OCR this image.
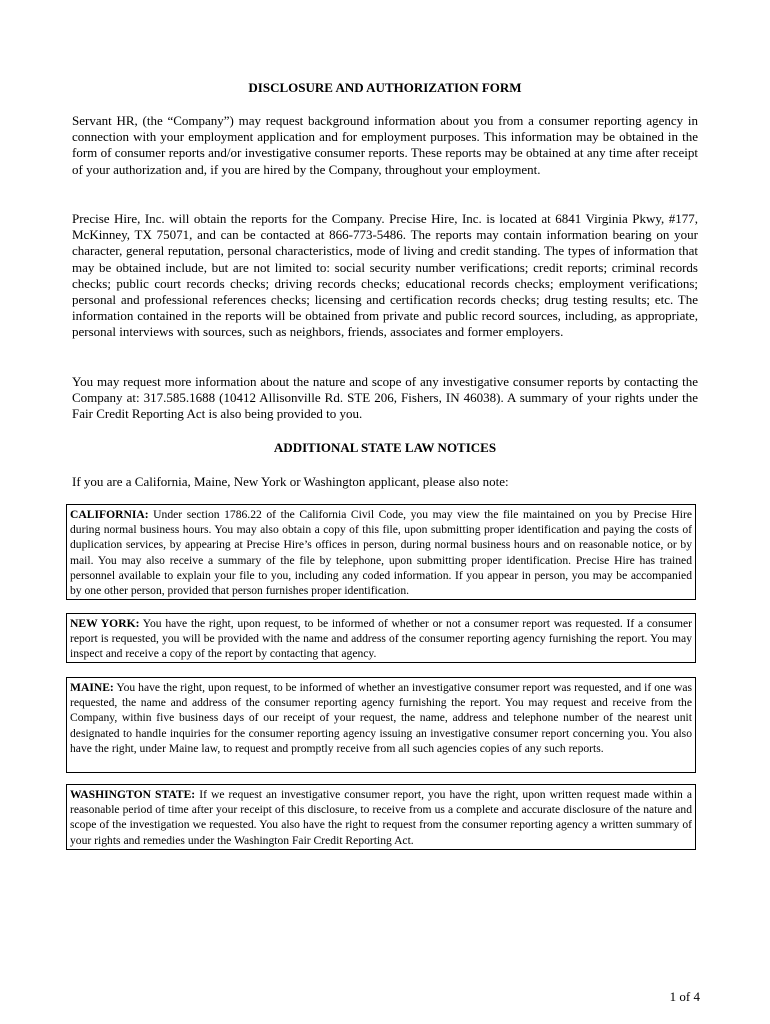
DISCLOSURE AND AUTHORIZATION FORM

Servant HR, (the “Company”) may request background information about you from a consumer reporting agency in connection with your employment application and for employment purposes. This information may be obtained in the form of consumer reports and/or investigative consumer reports. These reports may be obtained at any time after receipt of your authorization and, if you are hired by the Company, throughout your employment.

Precise Hire, Inc. will obtain the reports for the Company. Precise Hire, Inc. is located at 6841 Virginia Pkwy, #177, McKinney, TX 75071, and can be contacted at 866-773-5486. The reports may contain information bearing on your character, general reputation, personal characteristics, mode of living and credit standing. The types of information that may be obtained include, but are not limited to: social security number verifications; credit reports; criminal records checks; public court records checks; driving records checks; educational records checks; employment verifications; personal and professional references checks; licensing and certification records checks; drug testing results; etc. The information contained in the reports will be obtained from private and public record sources, including, as appropriate, personal interviews with sources, such as neighbors, friends, associates and former employers.

You may request more information about the nature and scope of any investigative consumer reports by contacting the Company at: 317.585.1688 (10412 Allisonville Rd. STE 206, Fishers, IN 46038). A summary of your rights under the Fair Credit Reporting Act is also being provided to you.

ADDITIONAL STATE LAW NOTICES

If you are a California, Maine, New York or Washington applicant, please also note:

CALIFORNIA: Under section 1786.22 of the California Civil Code, you may view the file maintained on you by Precise Hire during normal business hours. You may also obtain a copy of this file, upon submitting proper identification and paying the costs of duplication services, by appearing at Precise Hire’s offices in person, during normal business hours and on reasonable notice, or by mail. You may also receive a summary of the file by telephone, upon submitting proper identification. Precise Hire has trained personnel available to explain your file to you, including any coded information. If you appear in person, you may be accompanied by one other person, provided that person furnishes proper identification.
NEW YORK: You have the right, upon request, to be informed of whether or not a consumer report was requested. If a consumer report is requested, you will be provided with the name and address of the consumer reporting agency furnishing the report. You may inspect and receive a copy of the report by contacting that agency.
MAINE: You have the right, upon request, to be informed of whether an investigative consumer report was requested, and if one was requested, the name and address of the consumer reporting agency furnishing the report. You may request and receive from the Company, within five business days of our receipt of your request, the name, address and telephone number of the nearest unit designated to handle inquiries for the consumer reporting agency issuing an investigative consumer report concerning you. You also have the right, under Maine law, to request and promptly receive from all such agencies copies of any such reports.
WASHINGTON STATE: If we request an investigative consumer report, you have the right, upon written request made within a reasonable period of time after your receipt of this disclosure, to receive from us a complete and accurate disclosure of the nature and scope of the investigation we requested. You also have the right to request from the consumer reporting agency a written summary of your rights and remedies under the Washington Fair Credit Reporting Act.
1 of 4
